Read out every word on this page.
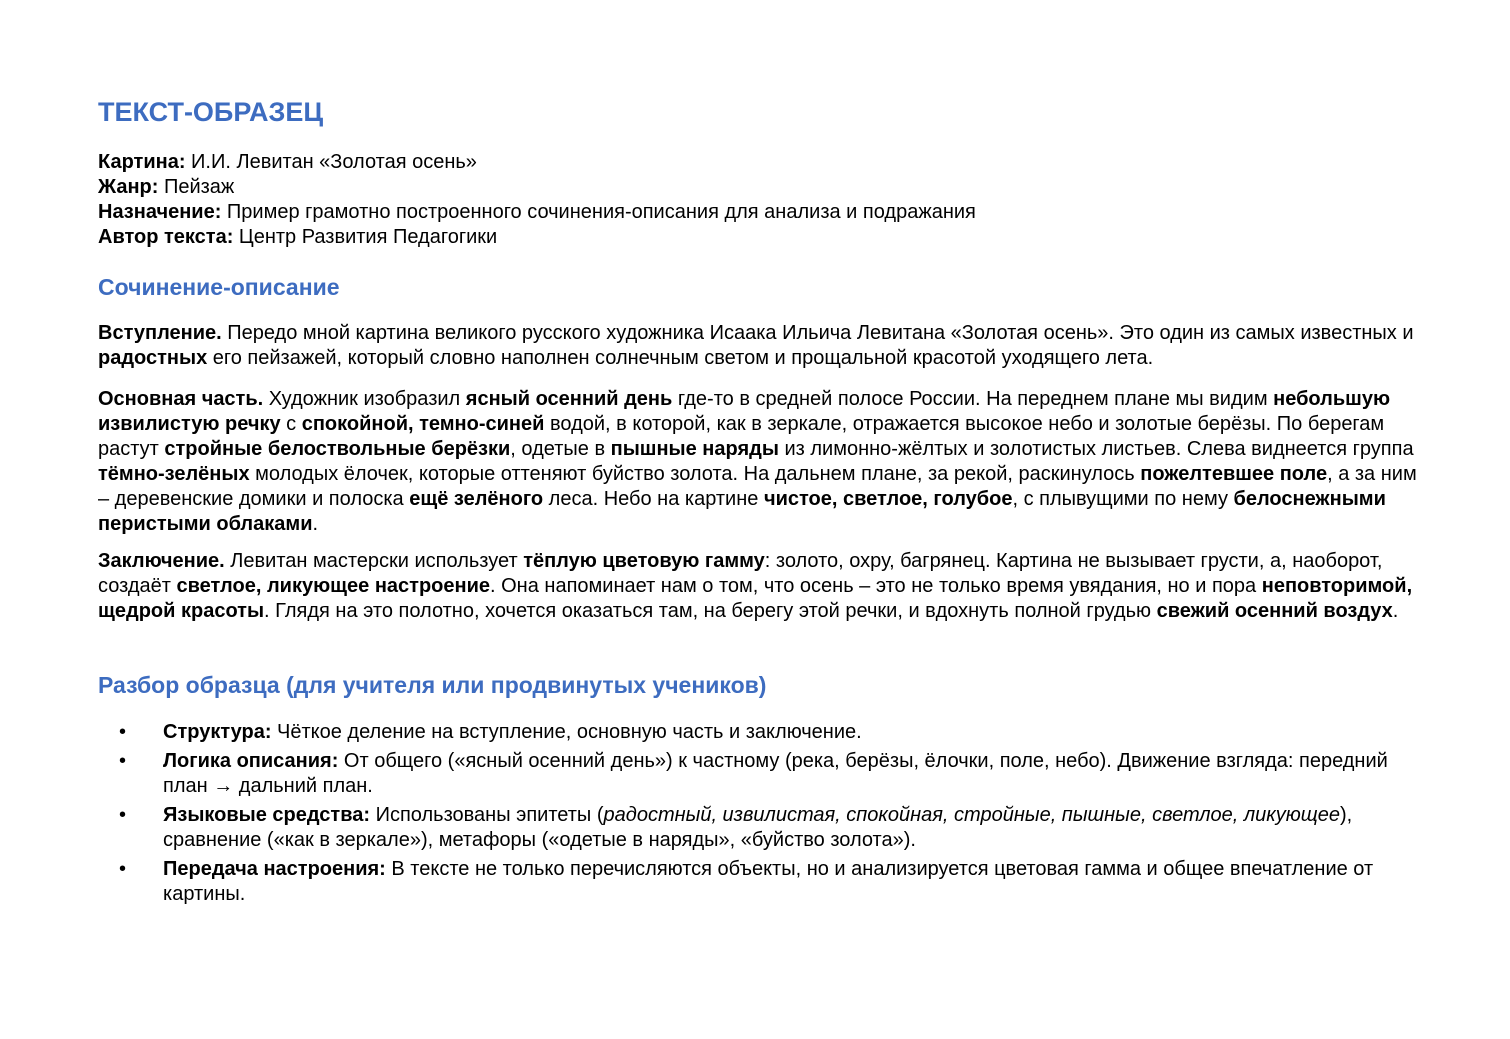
ТЕКСТ-ОБРАЗЕЦ
Картина: И.И. Левитан «Золотая осень»
Жанр: Пейзаж
Назначение: Пример грамотно построенного сочинения-описания для анализа и подражания
Автор текста: Центр Развития Педагогики
Сочинение-описание

Вступление. Передо мной картина великого русского художника Исаака Ильича Левитана «Золотая осень». Это один из самых известных и радостных его пейзажей, который словно наполнен солнечным светом и прощальной красотой уходящего лета.

Основная часть. Художник изобразил ясный осенний день где-то в средней полосе России. На переднем плане мы видим небольшую извилистую речку с спокойной, темно-синей водой, в которой, как в зеркале, отражается высокое небо и золотые берёзы. По берегам растут стройные белоствольные берёзки, одетые в пышные наряды из лимонно-жёлтых и золотистых листьев. Слева виднеется группа тёмно-зелёных молодых ёлочек, которые оттеняют буйство золота. На дальнем плане, за рекой, раскинулось пожелтевшее поле, а за ним – деревенские домики и полоска ещё зелёного леса. Небо на картине чистое, светлое, голубое, с плывущими по нему белоснежными перистыми облаками.

Заключение. Левитан мастерски использует тёплую цветовую гамму: золото, охру, багрянец. Картина не вызывает грусти, а, наоборот, создаёт светлое, ликующее настроение. Она напоминает нам о том, что осень – это не только время увядания, но и пора неповторимой, щедрой красоты. Глядя на это полотно, хочется оказаться там, на берегу этой речки, и вдохнуть полной грудью свежий осенний воздух.

Разбор образца (для учителя или продвинутых учеников)
• Структура: Чёткое деление на вступление, основную часть и заключение.
• Логика описания: От общего («ясный осенний день») к частному (река, берёзы, ёлочки, поле, небо). Движение взгляда: передний план → дальний план.
• Языковые средства: Использованы эпитеты (радостный, извилистая, спокойная, стройные, пышные, светлое, ликующее), сравнение («как в зеркале»), метафоры («одетые в наряды», «буйство золота»).
• Передача настроения: В тексте не только перечисляются объекты, но и анализируется цветовая гамма и общее впечатление от картины.
